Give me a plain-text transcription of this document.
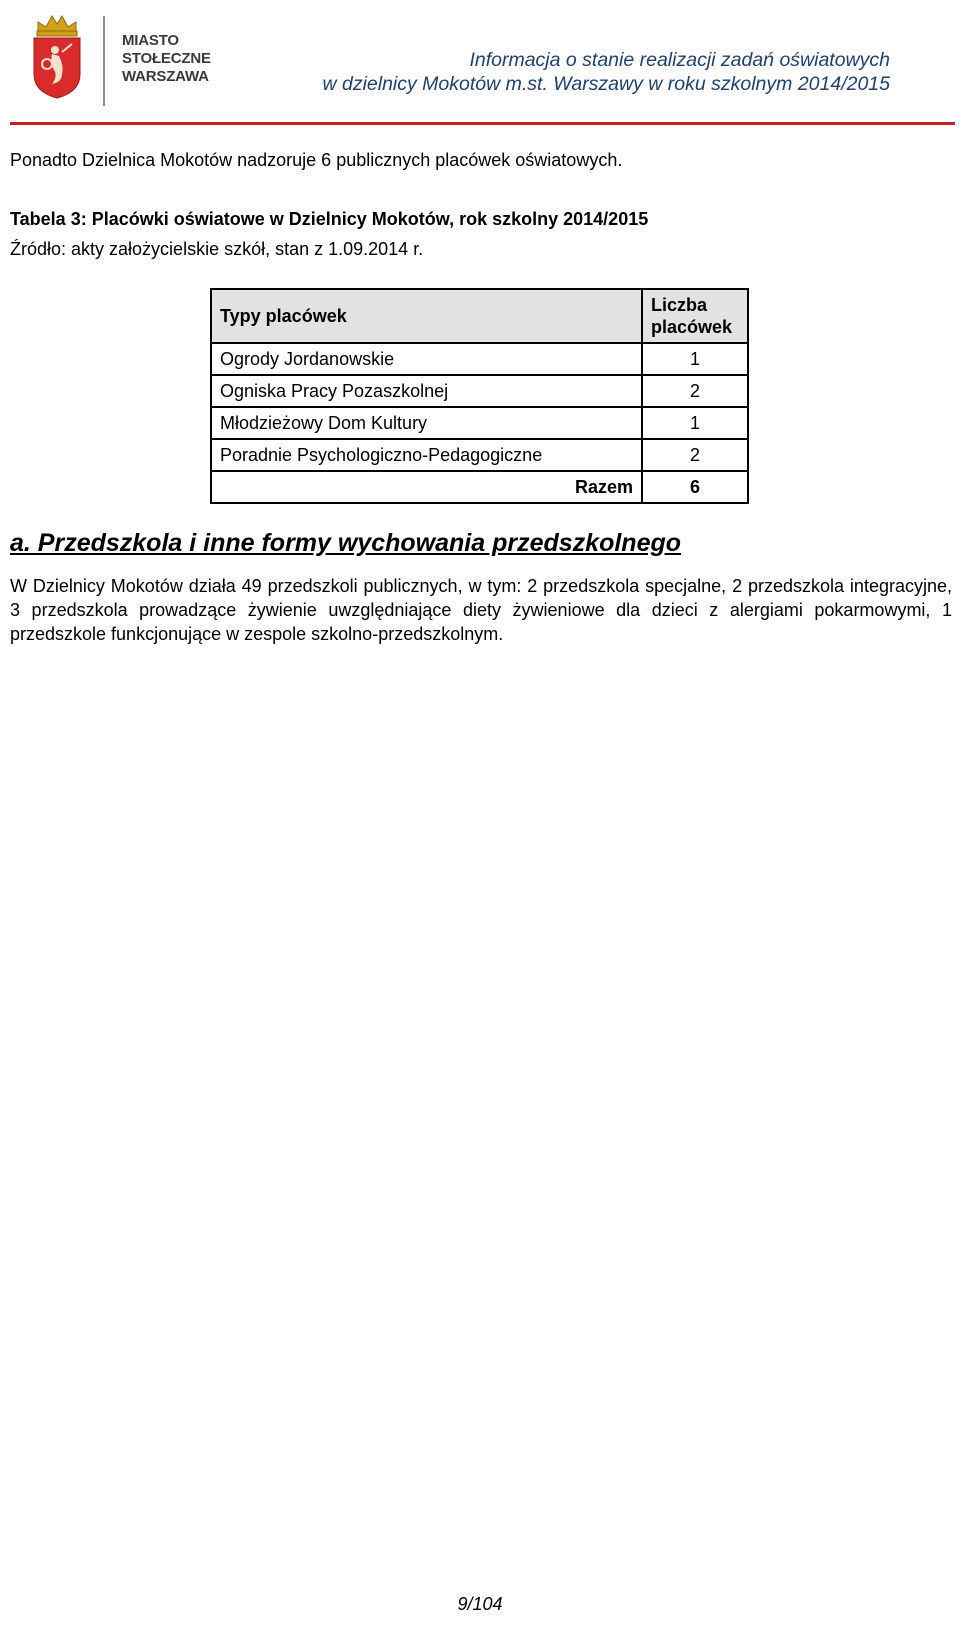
MIASTO
STOŁECZNE
WARSZAWA
Informacja o stanie realizacji zadań oświatowych
w dzielnicy Mokotów m.st. Warszawy w roku szkolnym 2014/2015
Ponadto Dzielnica Mokotów nadzoruje 6 publicznych placówek oświatowych.
Tabela 3: Placówki oświatowe w Dzielnicy Mokotów, rok szkolny 2014/2015
Źródło: akty założycielskie szkół, stan z 1.09.2014 r.
Typy placówek	Liczba placówek
Ogrody Jordanowskie	1
Ogniska Pracy Pozaszkolnej	2
Młodzieżowy Dom Kultury	1
Poradnie Psychologiczno-Pedagogiczne	2
Razem	6
a. Przedszkola i inne formy wychowania przedszkolnego
W Dzielnicy Mokotów działa 49 przedszkoli publicznych, w tym: 2 przedszkola specjalne, 2 przedszkola integracyjne, 3 przedszkola prowadzące żywienie uwzględniające diety żywieniowe dla dzieci z alergiami pokarmowymi, 1 przedszkole funkcjonujące w zespole szkolno-przedszkolnym.
9/104
